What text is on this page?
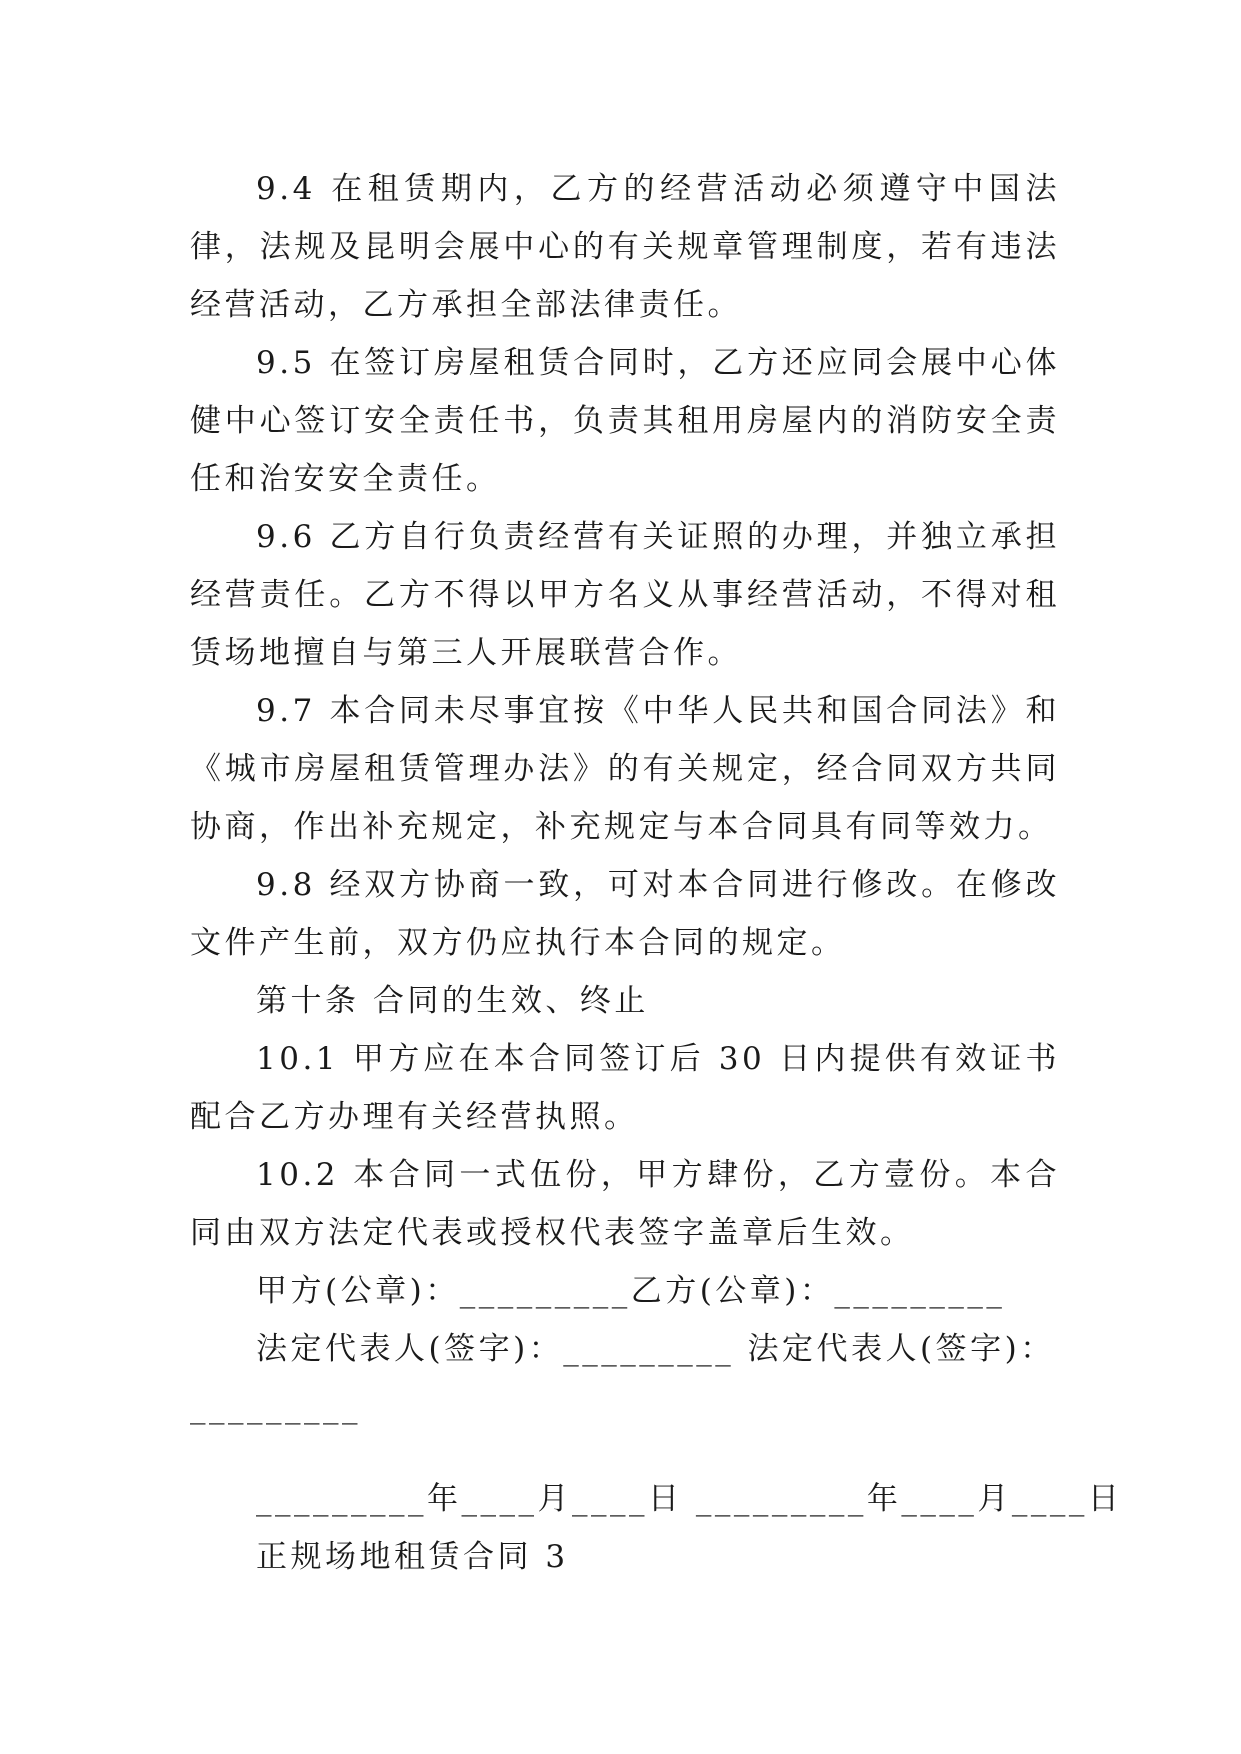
9.4 在租赁期内，乙方的经营活动必须遵守中国法律，法规及昆明会展中心的有关规章管理制度，若有违法经营活动，乙方承担全部法律责任。

9.5 在签订房屋租赁合同时，乙方还应同会展中心体健中心签订安全责任书，负责其租用房屋内的消防安全责任和治安安全责任。

9.6 乙方自行负责经营有关证照的办理，并独立承担经营责任。乙方不得以甲方名义从事经营活动，不得对租赁场地擅自与第三人开展联营合作。

9.7 本合同未尽事宜按《中华人民共和国合同法》和《城市房屋租赁管理办法》的有关规定，经合同双方共同协商，作出补充规定，补充规定与本合同具有同等效力。

9.8 经双方协商一致，可对本合同进行修改。在修改文件产生前，双方仍应执行本合同的规定。

第十条 合同的生效、终止

10.1 甲方应在本合同签订后 30 日内提供有效证书配合乙方办理有关经营执照。

10.2 本合同一式伍份，甲方肆份，乙方壹份。本合同由双方法定代表或授权代表签字盖章后生效。

甲方(公章)：_________乙方(公章)：_________

法定代表人(签字)：_________ 法定代表人(签字)：

_________

_________年____月____日 _________年____月____日

正规场地租赁合同 3
